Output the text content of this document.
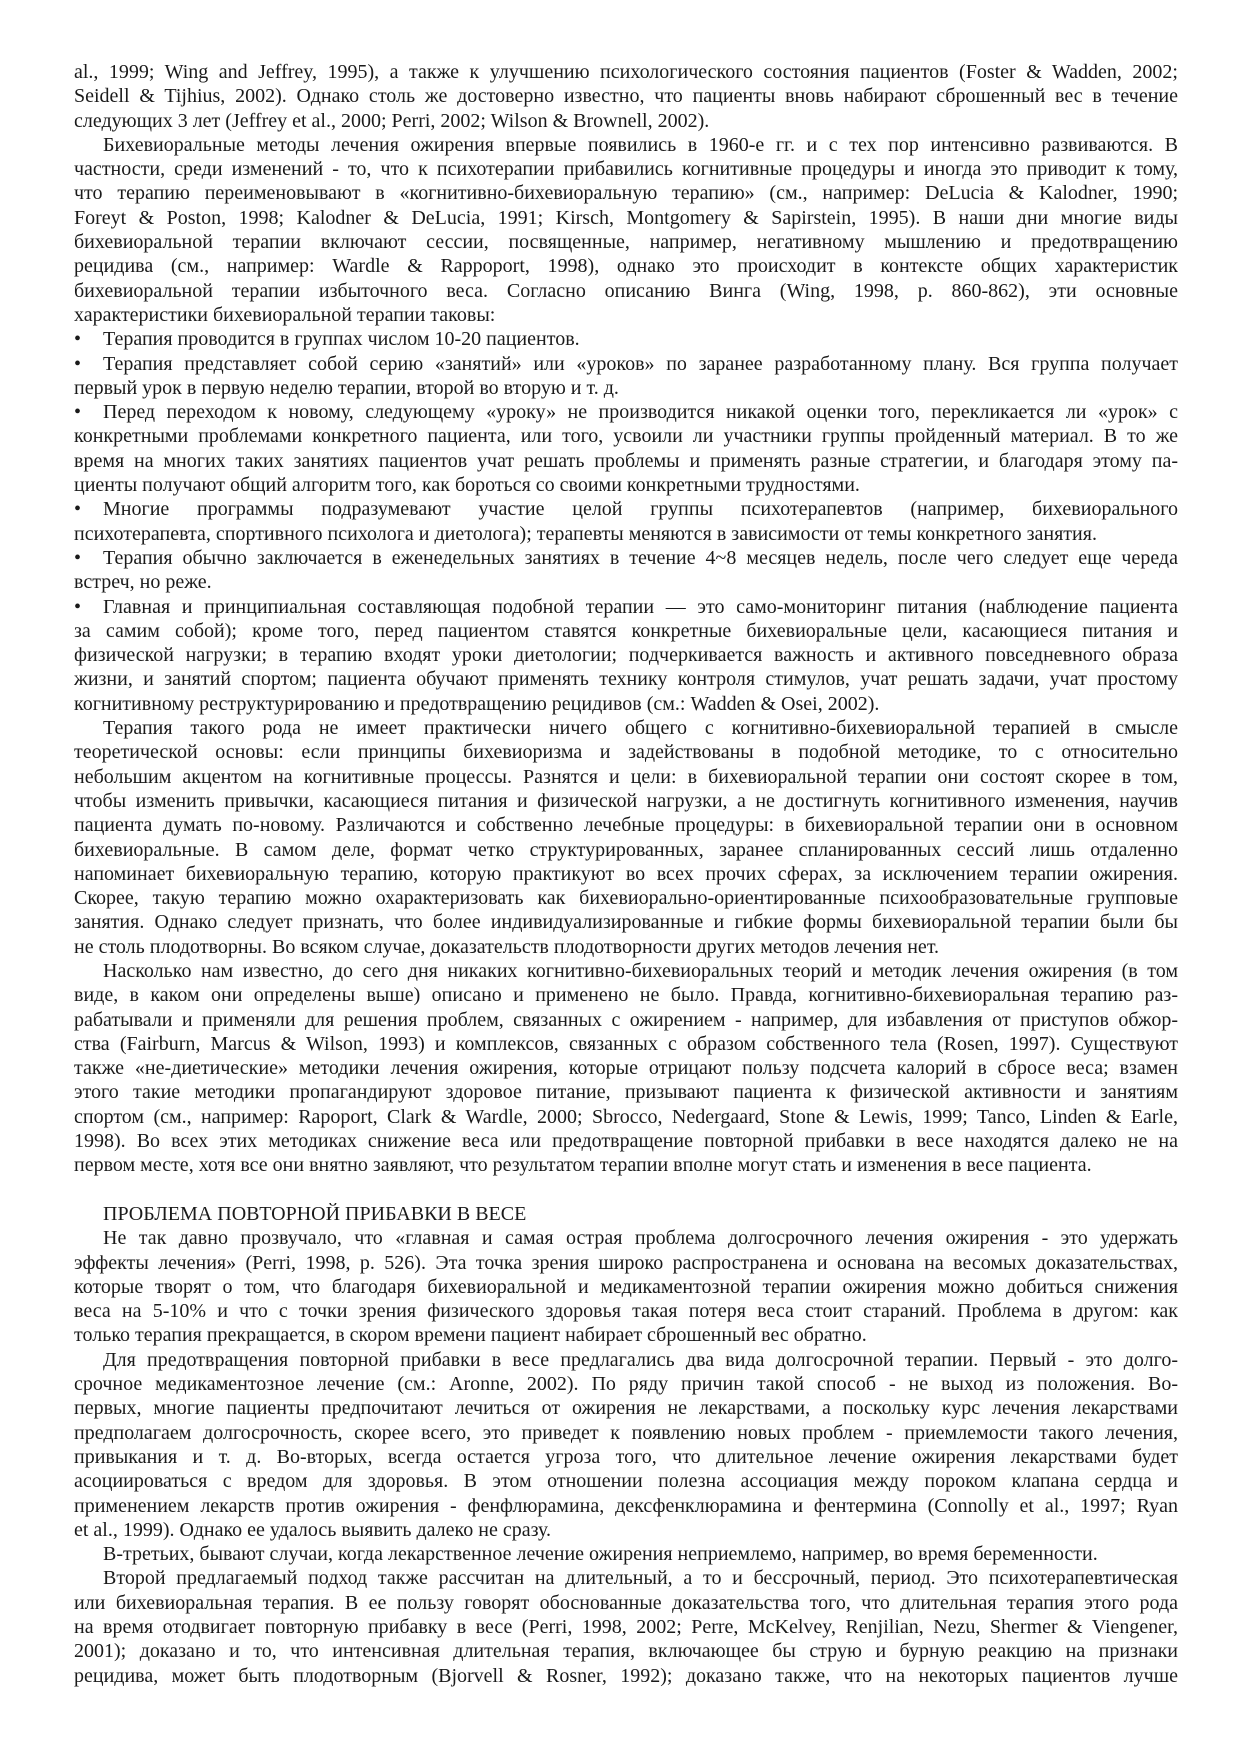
al., 1999; Wing and Jeffrey, 1995), а также к улучшению психологического состояния пациентов (Foster & Wadden, 2002;
Seidell & Tijhius, 2002). Однако столь же достоверно известно, что пациенты вновь набирают сброшенный вес в течение
следующих 3 лет (Jeffrey et al., 2000; Perri, 2002; Wilson & Brownell, 2002).
Бихевиоральные методы лечения ожирения впервые появились в 1960-е гг. и с тех пор интенсивно развиваются. В
частности, среди изменений - то, что к психотерапии прибавились когнитивные процедуры и иногда это приводит к тому,
что терапию переименовывают в «когнитивно-бихевиоральную терапию» (см., например: DeLucia & Kalodner, 1990;
Foreyt & Poston, 1998; Kalodner & DeLucia, 1991; Kirsch, Montgomery & Sapirstein, 1995). В наши дни многие виды
бихевиоральной терапии включают сессии, посвященные, например, негативному мышлению и предотвращению
рецидива (см., например: Wardle & Rappoport, 1998), однако это происходит в контексте общих характеристик
бихевиоральной терапии избыточного веса. Согласно описанию Винга (Wing, 1998, р. 860-862), эти основные
характеристики бихевиоральной терапии таковы:
• Терапия проводится в группах числом 10-20 пациентов.
• Терапия представляет собой серию «занятий» или «уроков» по заранее разработанному плану. Вся группа получает
первый урок в первую неделю терапии, второй во вторую и т. д.
• Перед переходом к новому, следующему «уроку» не производится никакой оценки того, перекликается ли «урок» с
конкретными проблемами конкретного пациента, или того, усвоили ли участники группы пройденный материал. В то же
время на многих таких занятиях пациентов учат решать проблемы и применять разные стратегии, и благодаря этому па-
циенты получают общий алгоритм того, как бороться со своими конкретными трудностями.
• Многие программы подразумевают участие целой группы психотерапевтов (например, бихевиорального
психотерапевта, спортивного психолога и диетолога); терапевты меняются в зависимости от темы конкретного занятия.
• Терапия обычно заключается в еженедельных занятиях в течение 4~8 месяцев недель, после чего следует еще череда
встреч, но реже.
• Главная и принципиальная составляющая подобной терапии — это само-мониторинг питания (наблюдение пациента
за самим собой); кроме того, перед пациентом ставятся конкретные бихевиоральные цели, касающиеся питания и
физической нагрузки; в терапию входят уроки диетологии; подчеркивается важность и активного повседневного образа
жизни, и занятий спортом; пациента обучают применять технику контроля стимулов, учат решать задачи, учат простому
когнитивному реструктурированию и предотвращению рецидивов (см.: Wadden & Osei, 2002).
Терапия такого рода не имеет практически ничего общего с когнитивно-бихевиоральной терапией в смысле
теоретической основы: если принципы бихевиоризма и задействованы в подобной методике, то с относительно
небольшим акцентом на когнитивные процессы. Разнятся и цели: в бихевиоральной терапии они состоят скорее в том,
чтобы изменить привычки, касающиеся питания и физической нагрузки, а не достигнуть когнитивного изменения, научив
пациента думать по-новому. Различаются и собственно лечебные процедуры: в бихевиоральной терапии они в основном
бихевиоральные. В самом деле, формат четко структурированных, заранее спланированных сессий лишь отдаленно
напоминает бихевиоральную терапию, которую практикуют во всех прочих сферах, за исключением терапии ожирения.
Скорее, такую терапию можно охарактеризовать как бихевиорально-ориентированные психообразовательные групповые
занятия. Однако следует признать, что более индивидуализированные и гибкие формы бихевиоральной терапии были бы
не столь плодотворны. Во всяком случае, доказательств плодотворности других методов лечения нет.
Насколько нам известно, до сего дня никаких когнитивно-бихевиоральных теорий и методик лечения ожирения (в том
виде, в каком они определены выше) описано и применено не было. Правда, когнитивно-бихевиоральная терапию раз-
рабатывали и применяли для решения проблем, связанных с ожирением - например, для избавления от приступов обжор-
ства (Fairburn, Marcus & Wilson, 1993) и комплексов, связанных с образом собственного тела (Rosen, 1997). Существуют
также «не-диетические» методики лечения ожирения, которые отрицают пользу подсчета калорий в сбросе веса; взамен
этого такие методики пропагандируют здоровое питание, призывают пациента к физической активности и занятиям
спортом (см., например: Rapoport, Clark & Wardle, 2000; Sbrocco, Nedergaard, Stone & Lewis, 1999; Tanco, Linden & Earle,
1998). Во всех этих методиках снижение веса или предотвращение повторной прибавки в весе находятся далеко не на
первом месте, хотя все они внятно заявляют, что результатом терапии вполне могут стать и изменения в весе пациента.
ПРОБЛЕМА ПОВТОРНОЙ ПРИБАВКИ В ВЕСЕ
Не так давно прозвучало, что «главная и самая острая проблема долгосрочного лечения ожирения - это удержать
эффекты лечения» (Perri, 1998, р. 526). Эта точка зрения широко распространена и основана на весомых доказательствах,
которые творят о том, что благодаря бихевиоральной и медикаментозной терапии ожирения можно добиться снижения
веса на 5-10% и что с точки зрения физического здоровья такая потеря веса стоит стараний. Проблема в другом: как
только терапия прекращается, в скором времени пациент набирает сброшенный вес обратно.
Для предотвращения повторной прибавки в весе предлагались два вида долгосрочной терапии. Первый - это долго-
срочное медикаментозное лечение (см.: Aronne, 2002). По ряду причин такой способ - не выход из положения. Во-
первых, многие пациенты предпочитают лечиться от ожирения не лекарствами, а поскольку курс лечения лекарствами
предполагаем долгосрочность, скорее всего, это приведет к появлению новых проблем - приемлемости такого лечения,
привыкания и т. д. Во-вторых, всегда остается угроза того, что длительное лечение ожирения лекарствами будет
асоциироваться с вредом для здоровья. В этом отношении полезна ассоциация между пороком клапана сердца и
применением лекарств против ожирения - фенфлюрамина, дексфенклюрамина и фентермина (Connolly et al., 1997; Ryan
et al., 1999). Однако ее удалось выявить далеко не сразу.
В-третьих, бывают случаи, когда лекарственное лечение ожирения неприемлемо, например, во время беременности.
Второй предлагаемый подход также рассчитан на длительный, а то и бессрочный, период. Это психотерапевтическая
или бихевиоральная терапия. В ее пользу говорят обоснованные доказательства того, что длительная терапия этого рода
на время отодвигает повторную прибавку в весе (Perri, 1998, 2002; Perre, McKelvey, Renjilian, Nezu, Shermer & Viengener,
2001); доказано и то, что интенсивная длительная терапия, включающее бы струю и бурную реакцию на признаки
рецидива, может быть плодотворным (Bjorvell & Rosner, 1992); доказано также, что на некоторых пациентов лучше
